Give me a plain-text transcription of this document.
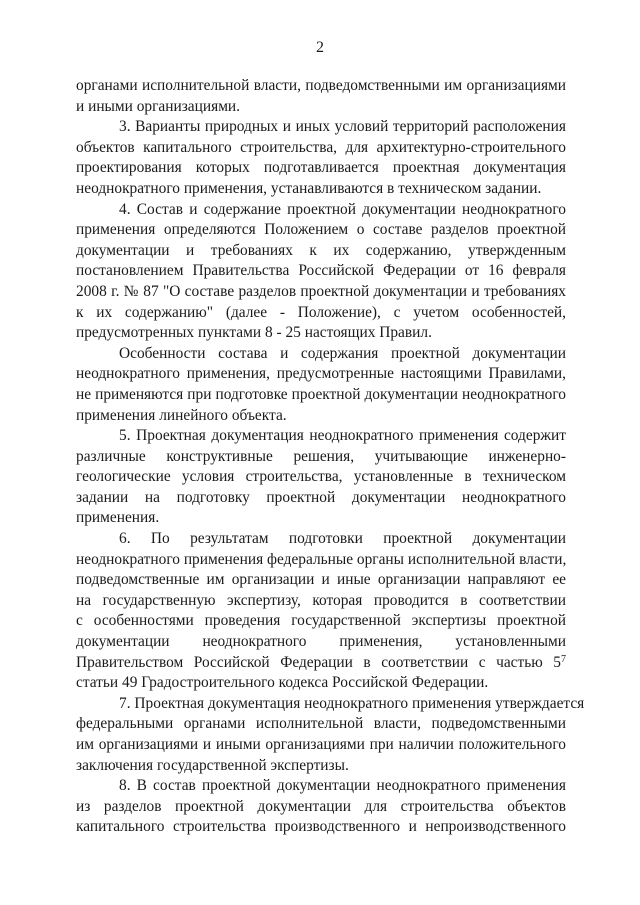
2
органами исполнительной власти, подведомственными им организациями
и иными организациями.
3. Варианты природных и иных условий территорий расположения
объектов капитального строительства, для архитектурно-строительного
проектирования которых подготавливается проектная документация
неоднократного применения, устанавливаются в техническом задании.
4. Состав и содержание проектной документации неоднократного
применения определяются Положением о составе разделов проектной
документации и требованиях к их содержанию, утвержденным
постановлением Правительства Российской Федерации от 16 февраля
2008 г. № 87 "О составе разделов проектной документации и требованиях
к их содержанию" (далее - Положение), с учетом особенностей,
предусмотренных пунктами 8 - 25 настоящих Правил.
Особенности состава и содержания проектной документации
неоднократного применения, предусмотренные настоящими Правилами,
не применяются при подготовке проектной документации неоднократного
применения линейного объекта.
5. Проектная документация неоднократного применения содержит
различные конструктивные решения, учитывающие инженерно-
геологические условия строительства, установленные в техническом
задании на подготовку проектной документации неоднократного
применения.
6. По результатам подготовки проектной документации
неоднократного применения федеральные органы исполнительной власти,
подведомственные им организации и иные организации направляют ее
на государственную экспертизу, которая проводится в соответствии
с особенностями проведения государственной экспертизы проектной
документации неоднократного применения, установленными
Правительством Российской Федерации в соответствии с частью $5^7$
статьи 49 Градостроительного кодекса Российской Федерации.
7. Проектная документация неоднократного применения утверждается
федеральными органами исполнительной власти, подведомственными
им организациями и иными организациями при наличии положительного
заключения государственной экспертизы.
8. В состав проектной документации неоднократного применения
из разделов проектной документации для строительства объектов
капитального строительства производственного и непроизводственного
